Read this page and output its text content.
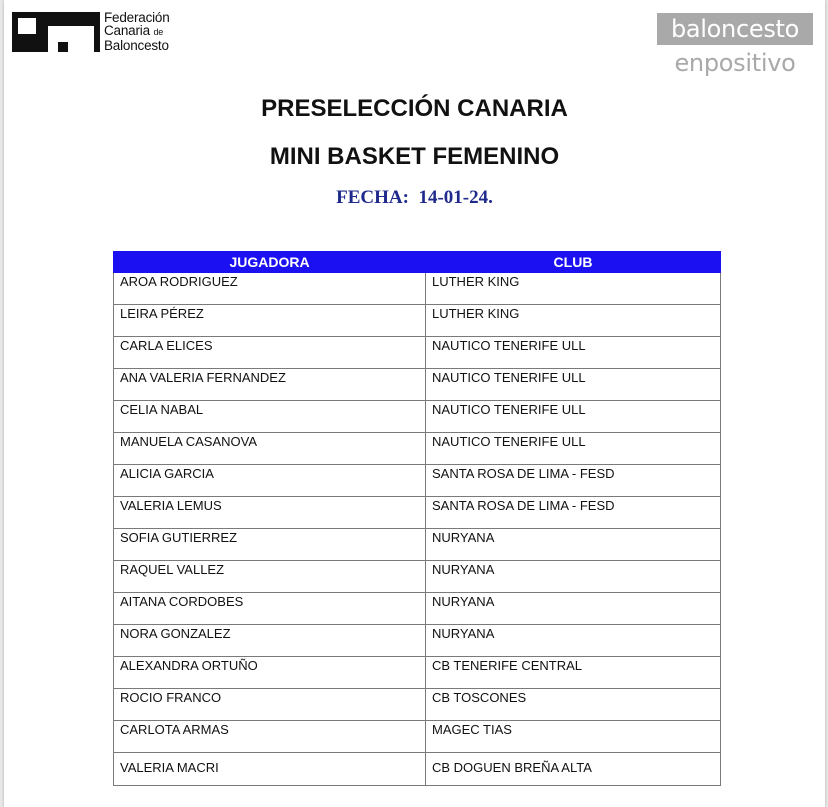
Federación
Canaria de
Baloncesto
baloncesto
enpositivo
PRESELECCIÓN CANARIA
MINI BASKET FEMENINO
FECHA:  14-01-24.
JUGADORA	CLUB
AROA RODRIGUEZ	LUTHER KING
LEIRA PÉREZ	LUTHER KING
CARLA ELICES	NAUTICO TENERIFE ULL
ANA VALERIA FERNANDEZ	NAUTICO TENERIFE ULL
CELIA NABAL	NAUTICO TENERIFE ULL
MANUELA CASANOVA	NAUTICO TENERIFE ULL
ALICIA GARCIA	SANTA ROSA DE LIMA - FESD
VALERIA LEMUS	SANTA ROSA DE LIMA - FESD
SOFIA GUTIERREZ	NURYANA
RAQUEL VALLEZ	NURYANA
AITANA CORDOBES	NURYANA
NORA GONZALEZ	NURYANA
ALEXANDRA ORTUÑO	CB TENERIFE CENTRAL
ROCIO FRANCO	CB TOSCONES
CARLOTA ARMAS	MAGEC TIAS
VALERIA MACRI	CB DOGUEN BREÑA ALTA
